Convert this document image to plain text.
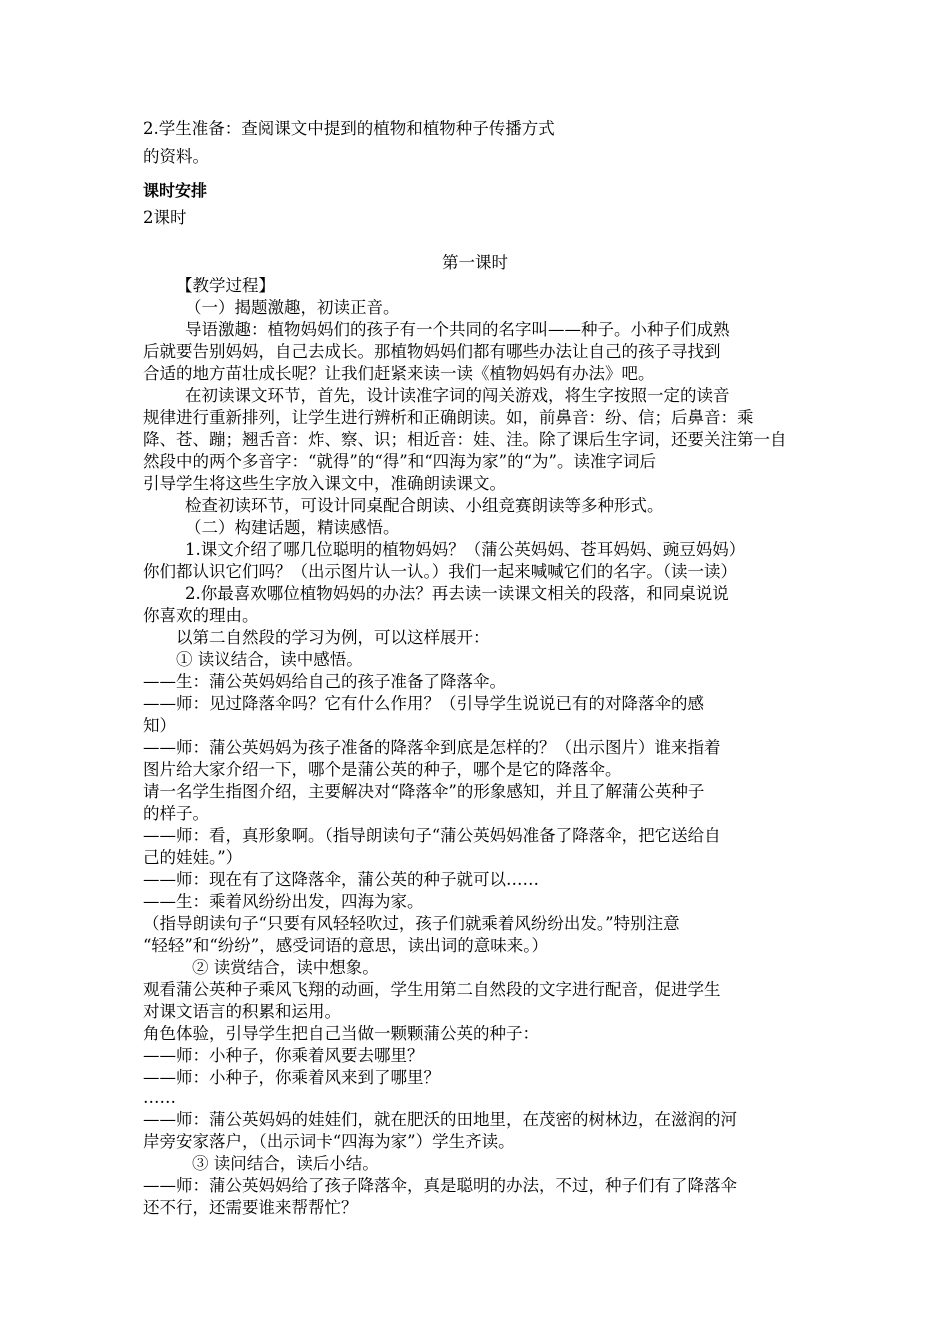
2.学生准备：查阅课文中提到的植物和植物种子传播方式
的资料。
课时安排
2课时
第一课时
【教学过程】
（一）揭题激趣，初读正音。
导语激趣：植物妈妈们的孩子有一个共同的名字叫——种子。小种子们成熟
后就要告别妈妈，自己去成长。那植物妈妈们都有哪些办法让自己的孩子寻找到
合适的地方苗壮成长呢？让我们赶紧来读一读《植物妈妈有办法》吧。
在初读课文环节，首先，设计读准字词的闯关游戏，将生字按照一定的读音
规律进行重新排列，让学生进行辨析和正确朗读。如，前鼻音：纷、信；后鼻音：乘
降、苍、蹦；翘舌音：炸、察、识；相近音：娃、洼。除了课后生字词，还要关注第一自
然段中的两个多音字：“就得”的“得”和“四海为家”的“为”。读准字词后
引导学生将这些生字放入课文中，准确朗读课文。
检查初读环节，可设计同桌配合朗读、小组竞赛朗读等多种形式。
（二）构建话题，精读感悟。
1.课文介绍了哪几位聪明的植物妈妈？（蒲公英妈妈、苍耳妈妈、豌豆妈妈）
你们都认识它们吗？（出示图片认一认。）我们一起来喊喊它们的名字。（读一读）
2.你最喜欢哪位植物妈妈的办法？再去读一读课文相关的段落，和同桌说说
你喜欢的理由。
以第二自然段的学习为例，可以这样展开：
① 读议结合，读中感悟。
——生：蒲公英妈妈给自己的孩子准备了降落伞。
——师：见过降落伞吗？它有什么作用？（引导学生说说已有的对降落伞的感
知）
——师：蒲公英妈妈为孩子准备的降落伞到底是怎样的？（出示图片）谁来指着
图片给大家介绍一下，哪个是蒲公英的种子，哪个是它的降落伞。
请一名学生指图介绍，主要解决对“降落伞”的形象感知，并且了解蒲公英种子
的样子。
——师：看，真形象啊。（指导朗读句子“蒲公英妈妈准备了降落伞，把它送给自
己的娃娃。”）
——师：现在有了这降落伞，蒲公英的种子就可以……
——生：乘着风纷纷出发，四海为家。
（指导朗读句子“只要有风轻轻吹过，孩子们就乘着风纷纷出发。”特别注意
“轻轻”和“纷纷”，感受词语的意思，读出词的意味来。）
② 读赏结合，读中想象。
观看蒲公英种子乘风飞翔的动画，学生用第二自然段的文字进行配音，促进学生
对课文语言的积累和运用。
角色体验，引导学生把自己当做一颗颗蒲公英的种子：
——师：小种子，你乘着风要去哪里？
——师：小种子，你乘着风来到了哪里？
……
——师：蒲公英妈妈的娃娃们，就在肥沃的田地里，在茂密的树林边，在滋润的河
岸旁安家落户，（出示词卡“四海为家”）学生齐读。
③ 读问结合，读后小结。
——师：蒲公英妈妈给了孩子降落伞，真是聪明的办法，不过，种子们有了降落伞
还不行，还需要谁来帮帮忙？
